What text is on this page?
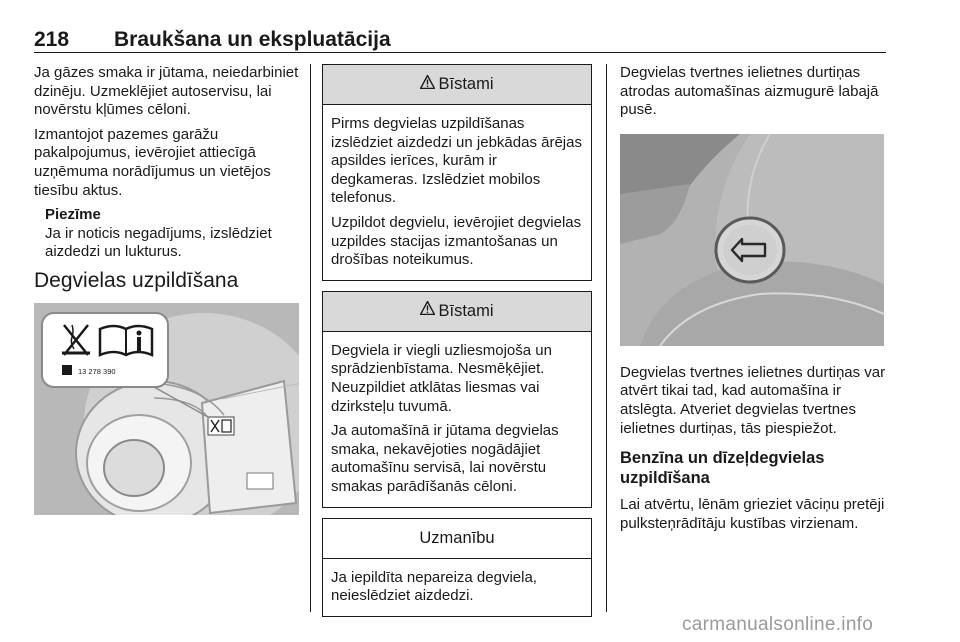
218 Braukšana un ekspluatācija

Ja gāzes smaka ir jūtama, neiedarbiniet dzinēju. Uzmeklējiet autoservisu, lai novērstu kļūmes cēloni.

Izmantojot pazemes garāžu pakalpojumus, ievērojiet attiecīgā uzņēmuma norādījumus un vietējos tiesību aktus.

Piezīme
Ja ir noticis negadījums, izslēdziet aizdedzi un lukturus.
Degvielas uzpildīšana
13 278 390
Bīstami

Pirms degvielas uzpildīšanas izslēdziet aizdedzi un jebkādas ārējas apsildes ierīces, kurām ir degkameras. Izslēdziet mobilos telefonus.

Uzpildot degvielu, ievērojiet degvielas uzpildes stacijas izmantošanas un drošības noteikumus.

Bīstami

Degviela ir viegli uzliesmojoša un sprādzienbīstama. Nesmēķējiet. Neuzpildiet atklātas liesmas vai dzirksteļu tuvumā.

Ja automašīnā ir jūtama degvielas smaka, nekavējoties nogādājiet automašīnu servisā, lai novērstu smakas parādīšanās cēloni.

Uzmanību

Ja iepildīta nepareiza degviela, neieslēdziet aizdedzi.

Degvielas tvertnes ielietnes durtiņas atrodas automašīnas aizmugurē labajā pusē.

Degvielas tvertnes ielietnes durtiņas var atvērt tikai tad, kad automašīna ir atslēgta. Atveriet degvielas tvertnes ielietnes durtiņas, tās piespiežot.

Benzīna un dīzeļdegvielas uzpildīšana

Lai atvērtu, lēnām grieziet vāciņu pretēji pulksteņrādītāju kustības virzienam.

carmanualsonline.info
